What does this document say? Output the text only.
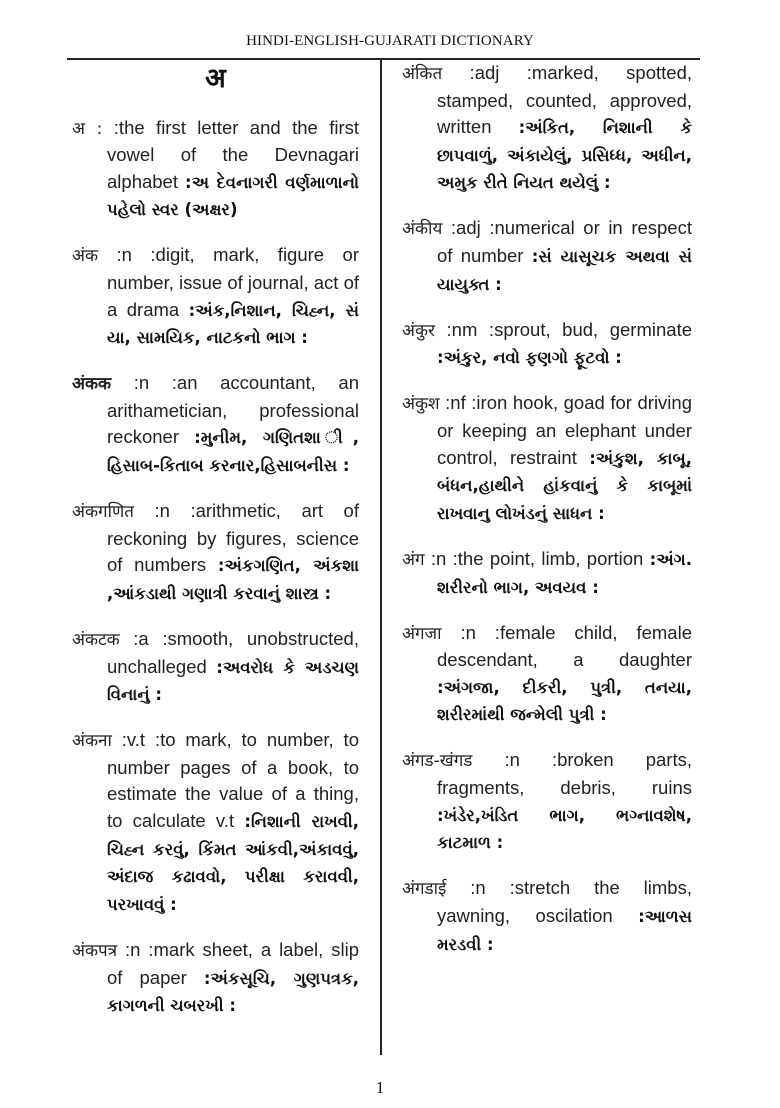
HINDI-ENGLISH-GUJARATI DICTIONARY
अ

अ : :the first letter and the first vowel of the Devnagari alphabet :અ દેવનાગરી વર્ણમાળાનો પહેલો સ્વર (અક્ષર)

अंक :n :digit, mark, figure or number, issue of journal, act of a drama :અંક,નિશાન, ચિહ્ન, સં યા, સામયિક, નાટકનો ભાગ :

अंकक :n :an accountant, an arithametician, professional reckoner :મુનીમ, ગણિતશા ી, હિસાબ-કિતાબ કરનાર,હિસાબનીસ :

अंकगणित :n :arithmetic, art of reckoning by figures, science of numbers :અંકગણિત, અંકશા ,આંકડાથી ગણાત્રી કરવાનું શાસ્ત્ર :

अंकटक :a :smooth, unobstructed, unchalleged :અવરોધ કે અડચણ વિનાનું :

अंकना :v.t :to mark, to number, to number pages of a book, to estimate the value of a thing, to calculate v.t :નિશાની રાખવી, ચિહ્ન કરવું, કિંમત આંકવી,અંકાવવું, અંદાજ કઢાવવો, પરીક્ષા કરાવવી, પરખાવવું :

अंकपत्र :n :mark sheet, a label, slip of paper :અંકસૂચિ, ગુણપત્રક, કાગળની ચબરખી :

अंकित :adj :marked, spotted, stamped, counted, approved, written :અંકિત, નિશાની કે છાપવાળું, અંકાયેલું, પ્રસિધ્ધ, અધીન, અમુક રીતે નિયત થયેલું :

अंकीय :adj :numerical or in respect of number :સં યાસૂચક અથવા સં યાયુક્ત :

अंकुर :nm :sprout, bud, germinate :અંકુર, નવો ફણગો ફૂટવો :

अंकुश :nf :iron hook, goad for driving or keeping an elephant under control, restraint :અંકુશ, કાબૂ, બંધન,હાથીને હાંકવાનું કે કાબૂમાં રાખવાનુ લોખંડનું સાધન :

अंग :n :the point, limb, portion :અંગ. શરીરનો ભાગ, અવયવ :

अंगजा :n :female child, female descendant, a daughter :અંગજા, દીકરી, પુત્રી, તનયા, શરીરમાંથી જન્મેલી પુત્રી :

अंगड-खंगड :n :broken parts, fragments, debris, ruins :ખંડેર,ખંડિત ભાગ, ભગ્નાવશેષ, કાટમાળ :

अंगडाई :n :stretch the limbs, yawning, oscilation :આળસ મરડવી :

1
